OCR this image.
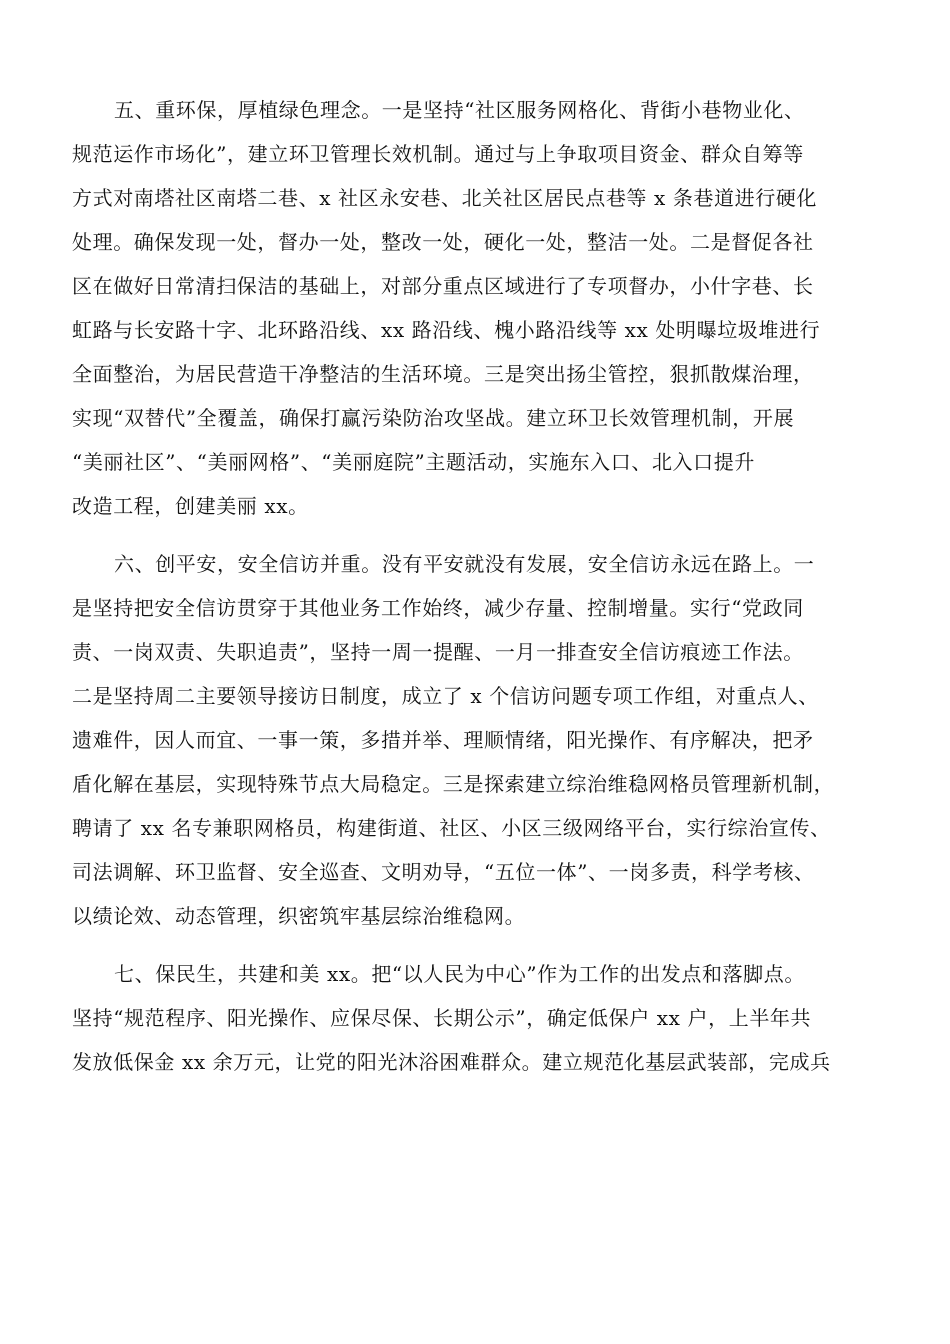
五、重环保，厚植绿色理念。一是坚持“社区服务网格化、背街小巷物业化、
规范运作市场化”，建立环卫管理长效机制。通过与上争取项目资金、群众自筹等
方式对南塔社区南塔二巷、x 社区永安巷、北关社区居民点巷等 x 条巷道进行硬化
处理。确保发现一处，督办一处，整改一处，硬化一处，整洁一处。二是督促各社
区在做好日常清扫保洁的基础上，对部分重点区域进行了专项督办，小什字巷、长
虹路与长安路十字、北环路沿线、xx 路沿线、槐小路沿线等 xx 处明曝垃圾堆进行
全面整治，为居民营造干净整洁的生活环境。三是突出扬尘管控，狠抓散煤治理，
实现“双替代”全覆盖，确保打赢污染防治攻坚战。建立环卫长效管理机制，开展
“美丽社区”、“美丽网格”、“美丽庭院”主题活动，实施东入口、北入口提升
改造工程，创建美丽 xx。
六、创平安，安全信访并重。没有平安就没有发展，安全信访永远在路上。一
是坚持把安全信访贯穿于其他业务工作始终，减少存量、控制增量。实行“党政同
责、一岗双责、失职追责”，坚持一周一提醒、一月一排查安全信访痕迹工作法。
二是坚持周二主要领导接访日制度，成立了 x 个信访问题专项工作组，对重点人、
遗难件，因人而宜、一事一策，多措并举、理顺情绪，阳光操作、有序解决，把矛
盾化解在基层，实现特殊节点大局稳定。三是探索建立综治维稳网格员管理新机制，
聘请了 xx 名专兼职网格员，构建街道、社区、小区三级网络平台，实行综治宣传、
司法调解、环卫监督、安全巡查、文明劝导，“五位一体”、一岗多责，科学考核、
以绩论效、动态管理，织密筑牢基层综治维稳网。
七、保民生，共建和美 xx。把“以人民为中心”作为工作的出发点和落脚点。
坚持“规范程序、阳光操作、应保尽保、长期公示”，确定低保户 xx 户，上半年共
发放低保金 xx 余万元，让党的阳光沐浴困难群众。建立规范化基层武装部，完成兵
